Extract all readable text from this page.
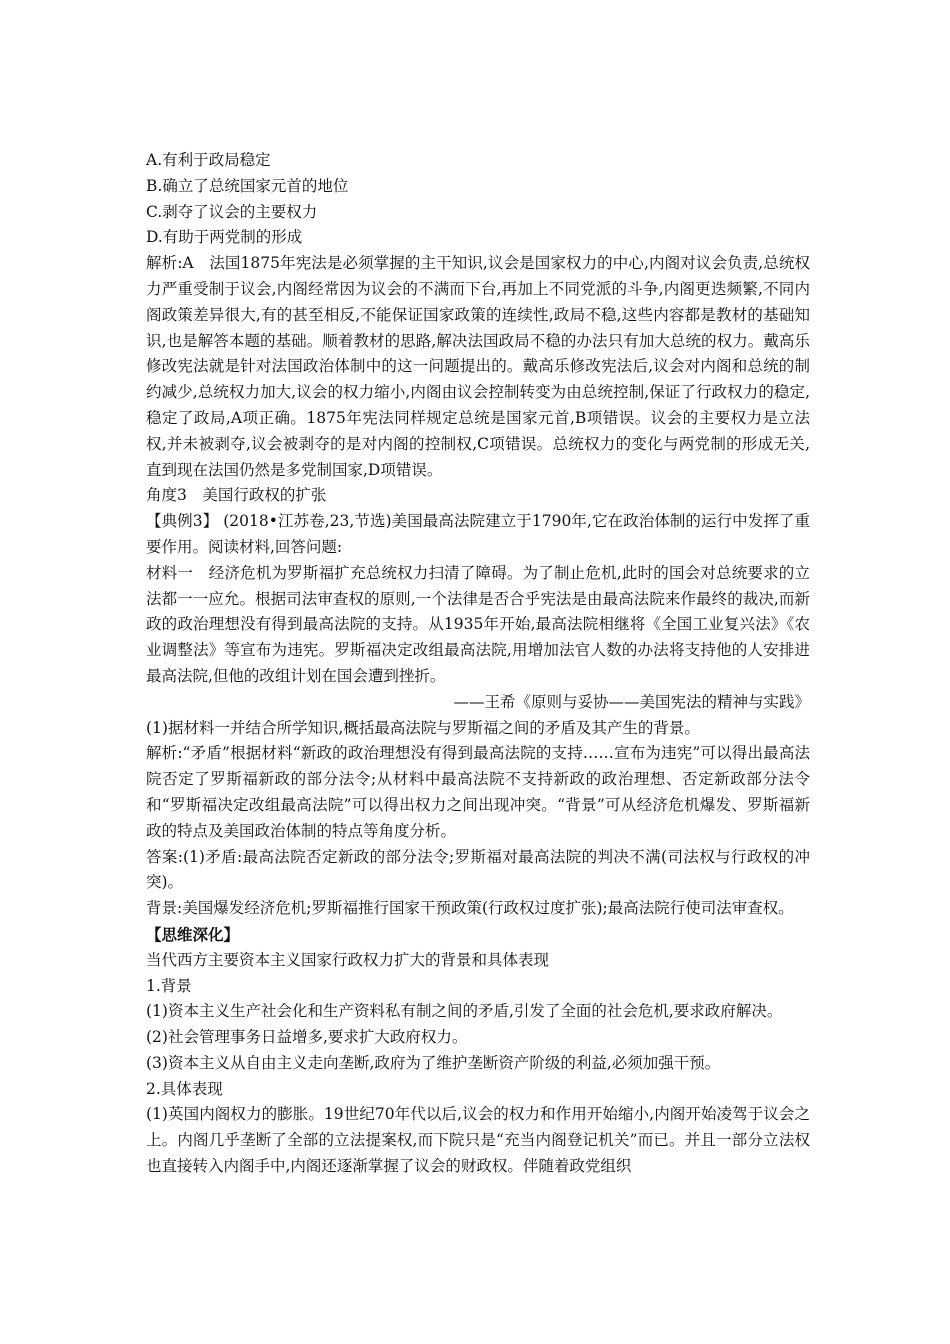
A.有利于政局稳定

B.确立了总统国家元首的地位

C.剥夺了议会的主要权力

D.有助于两党制的形成

解析:A　法国1875年宪法是必须掌握的主干知识,议会是国家权力的中心,内阁对议会负责,总统权力严重受制于议会,内阁经常因为议会的不满而下台,再加上不同党派的斗争,内阁更迭频繁,不同内阁政策差异很大,有的甚至相反,不能保证国家政策的连续性,政局不稳,这些内容都是教材的基础知识,也是解答本题的基础。顺着教材的思路,解决法国政局不稳的办法只有加大总统的权力。戴高乐修改宪法就是针对法国政治体制中的这一问题提出的。戴高乐修改宪法后,议会对内阁和总统的制约减少,总统权力加大,议会的权力缩小,内阁由议会控制转变为由总统控制,保证了行政权力的稳定,稳定了政局,A项正确。1875年宪法同样规定总统是国家元首,B项错误。议会的主要权力是立法权,并未被剥夺,议会被剥夺的是对内阁的控制权,C项错误。总统权力的变化与两党制的形成无关,直到现在法国仍然是多党制国家,D项错误。

角度3　美国行政权的扩张

【典例3】 (2018•江苏卷,23,节选)美国最高法院建立于1790年,它在政治体制的运行中发挥了重要作用。阅读材料,回答问题:

材料一　经济危机为罗斯福扩充总统权力扫清了障碍。为了制止危机,此时的国会对总统要求的立法都一一应允。根据司法审查权的原则,一个法律是否合乎宪法是由最高法院来作最终的裁决,而新政的政治理想没有得到最高法院的支持。从1935年开始,最高法院相继将《全国工业复兴法》《农业调整法》等宣布为违宪。罗斯福决定改组最高法院,用增加法官人数的办法将支持他的人安排进最高法院,但他的改组计划在国会遭到挫折。

——王希《原则与妥协——美国宪法的精神与实践》

(1)据材料一并结合所学知识,概括最高法院与罗斯福之间的矛盾及其产生的背景。

解析:“矛盾”根据材料“新政的政治理想没有得到最高法院的支持……宣布为违宪”可以得出最高法院否定了罗斯福新政的部分法令;从材料中最高法院不支持新政的政治理想、否定新政部分法令和“罗斯福决定改组最高法院”可以得出权力之间出现冲突。“背景”可从经济危机爆发、罗斯福新政的特点及美国政治体制的特点等角度分析。

答案:(1)矛盾:最高法院否定新政的部分法令;罗斯福对最高法院的判决不满(司法权与行政权的冲突)。

背景:美国爆发经济危机;罗斯福推行国家干预政策(行政权过度扩张);最高法院行使司法审查权。

【思维深化】

当代西方主要资本主义国家行政权力扩大的背景和具体表现

1.背景

(1)资本主义生产社会化和生产资料私有制之间的矛盾,引发了全面的社会危机,要求政府解决。

(2)社会管理事务日益增多,要求扩大政府权力。

(3)资本主义从自由主义走向垄断,政府为了维护垄断资产阶级的利益,必须加强干预。

2.具体表现

(1)英国内阁权力的膨胀。19世纪70年代以后,议会的权力和作用开始缩小,内阁开始凌驾于议会之上。内阁几乎垄断了全部的立法提案权,而下院只是“充当内阁登记机关”而已。并且一部分立法权也直接转入内阁手中,内阁还逐渐掌握了议会的财政权。伴随着政党组织
